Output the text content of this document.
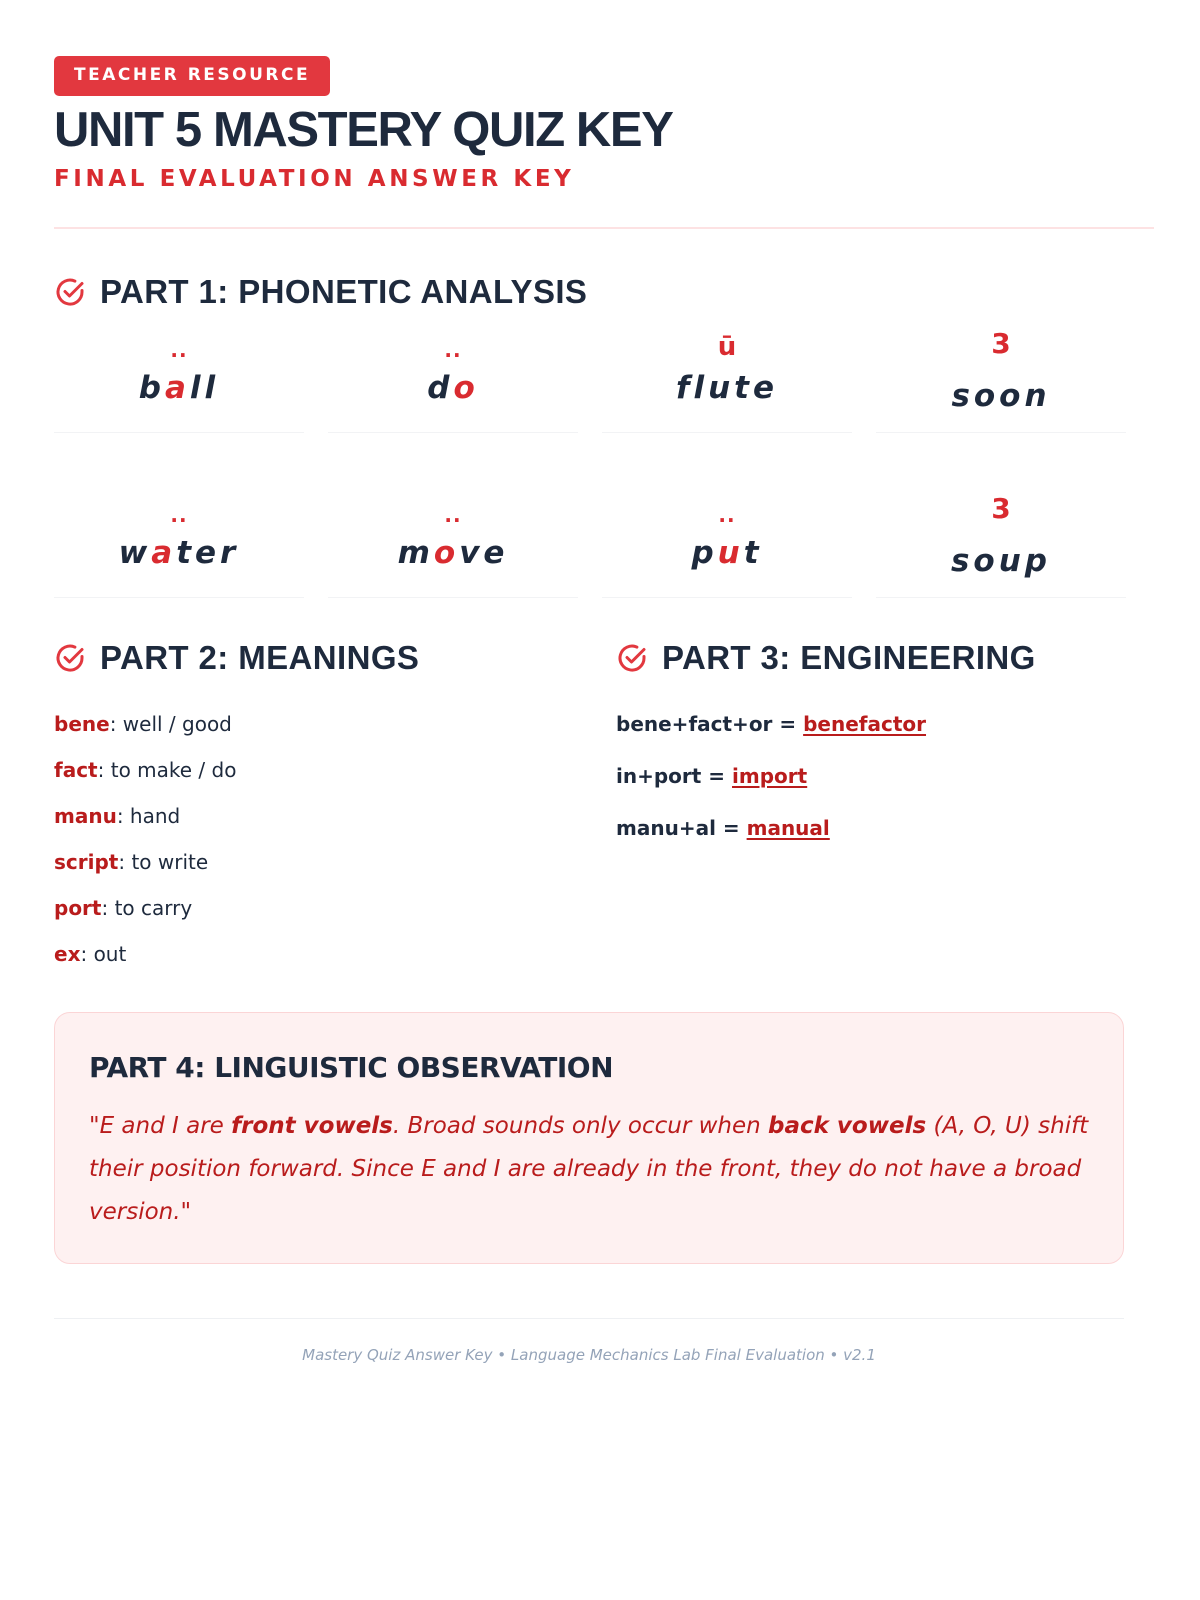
TEACHER RESOURCE
UNIT 5 MASTERY QUIZ KEY
FINAL EVALUATION ANSWER KEY
PART 1: PHONETIC ANALYSIS
..
ball
..
do
ū
flute
3
soon
..
water
..
move
..
put
3
soup
PART 2: MEANINGS
bene: well / good
fact: to make / do
manu: hand
script: to write
port: to carry
ex: out
PART 3: ENGINEERING
bene+fact+or = benefactor
in+port = import
manu+al = manual
PART 4: LINGUISTIC OBSERVATION
"E and I are front vowels. Broad sounds only occur when back vowels (A, O, U) shift their position forward. Since E and I are already in the front, they do not have a broad version."
Mastery Quiz Answer Key • Language Mechanics Lab Final Evaluation • v2.1
